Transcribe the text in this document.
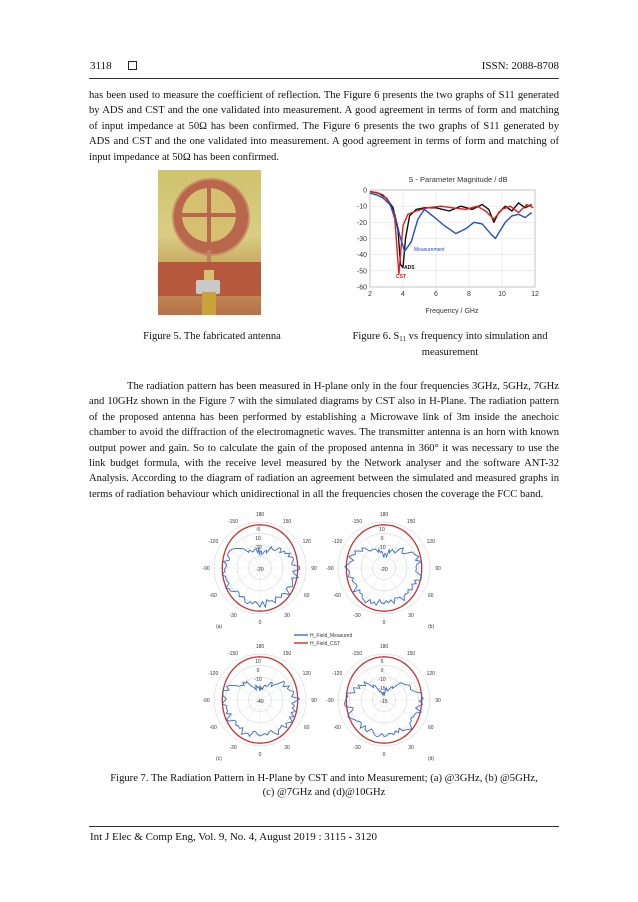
3118	ISSN: 2088-8708
has been used to measure the coefficient of reflection. The Figure 6 presents the two graphs of S11 generated by ADS and CST and the one validated into measurement. A good agreement in terms of form and matching of input impedance at 50Ω has been confirmed. The Figure 6 presents the two graphs of S11 generated by ADS and CST and the one validated into measurement. A good agreement in terms of form and matching of input impedance at 50Ω has been confirmed.
S - Parameter Magnitude / dB
0
-10
-20
-30
-40
-50
-60
2	4	6	8	10	12
Measurement
ADS
CST
Frequency / GHz
Figure 5. The fabricated antenna	Figure 6. $S_{11}$ vs frequency into simulation and measurement
The radiation pattern has been measured in H-plane only in the four frequencies 3GHz, 5GHz, 7GHz and 10GHz shown in the Figure 7 with the simulated diagrams by CST also in H-Plane. The radiation pattern of the proposed antenna has been performed by establishing a Microwave link of 3m inside the anechoic chamber to avoid the diffraction of the electromagnetic waves. The transmitter antenna is an horn with known output power and gain. So to calculate the gain of the proposed antenna in 360° it was necessary to use the link budget formula, with the receive level measured by the Network analyser and the software ANT-32 Analysis. According to the diagram of radiation an agreement between the simulated and measured graphs in terms of radiation behaviour which unidirectional in all the frequencies chosen the coverage the FCC band.
180
150
120
90
60
30
0
-30
-60
-90
-120
-150
-5
10
-20
-20
(a)
180
150
120
90
60
30
0
-30
-60
-90
-120
-150
10
0
-10
-20
(b)
180
150
120
90
60
30
0
-30
-60
-90
-120
-150
10
0
-10
-40
(c)
180
150
120
90
60
30
0
-30
-60
-90
-120
-150
5
0
-10
-15
-15
(d)
H_Field_Measured
H_Field_CST
Figure 7. The Radiation Pattern in H-Plane by CST and into Measurement; (a) @3GHz, (b) @5GHz,
(c) @7GHz and (d)@10GHz
Int J Elec & Comp Eng, Vol. 9, No. 4, August 2019 : 3115 - 3120
